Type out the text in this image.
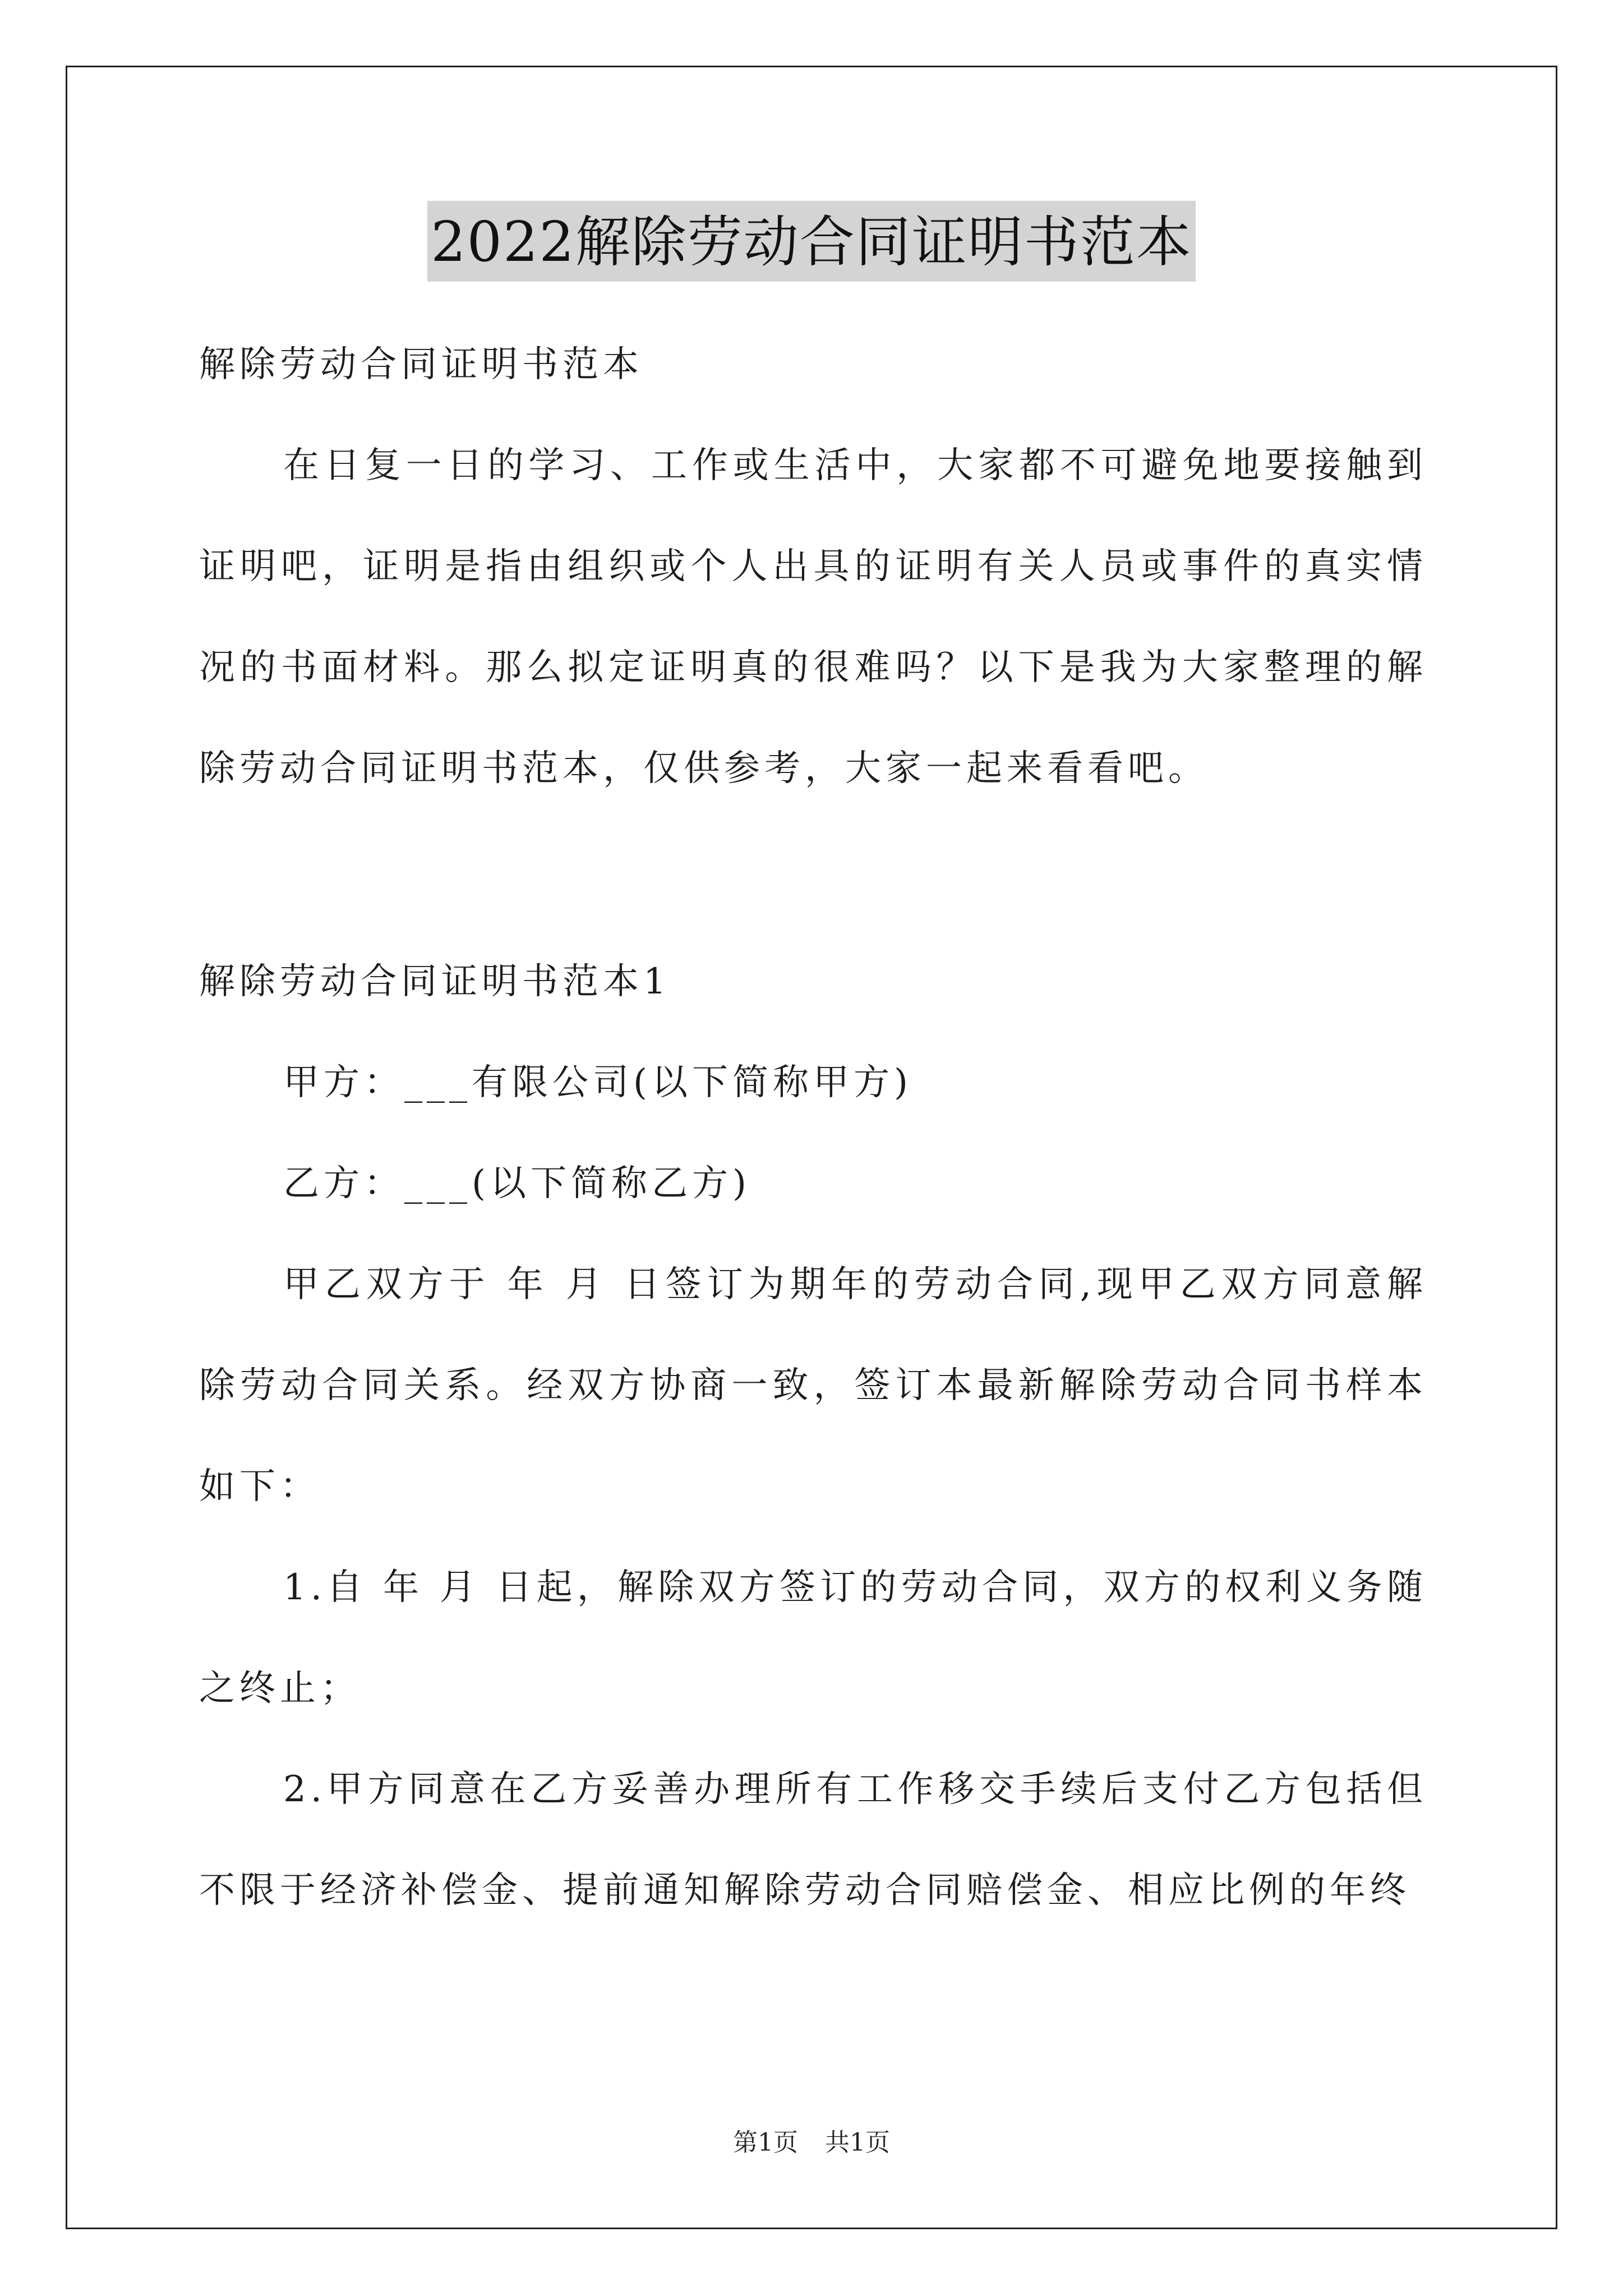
2022解除劳动合同证明书范本

解除劳动合同证明书范本

在日复一日的学习、工作或生活中，大家都不可避免地要接触到证明吧，证明是指由组织或个人出具的证明有关人员或事件的真实情况的书面材料。那么拟定证明真的很难吗？以下是我为大家整理的解除劳动合同证明书范本，仅供参考，大家一起来看看吧。

解除劳动合同证明书范本1

甲方：___有限公司(以下简称甲方)

乙方：___(以下简称乙方)

甲乙双方于 年 月 日签订为期年的劳动合同,现甲乙双方同意解除劳动合同关系。经双方协商一致，签订本最新解除劳动合同书样本如下：

1.自 年 月 日起，解除双方签订的劳动合同，双方的权利义务随之终止；

2.甲方同意在乙方妥善办理所有工作移交手续后支付乙方包括但不限于经济补偿金、提前通知解除劳动合同赔偿金、相应比例的年终

第1页 共1页
